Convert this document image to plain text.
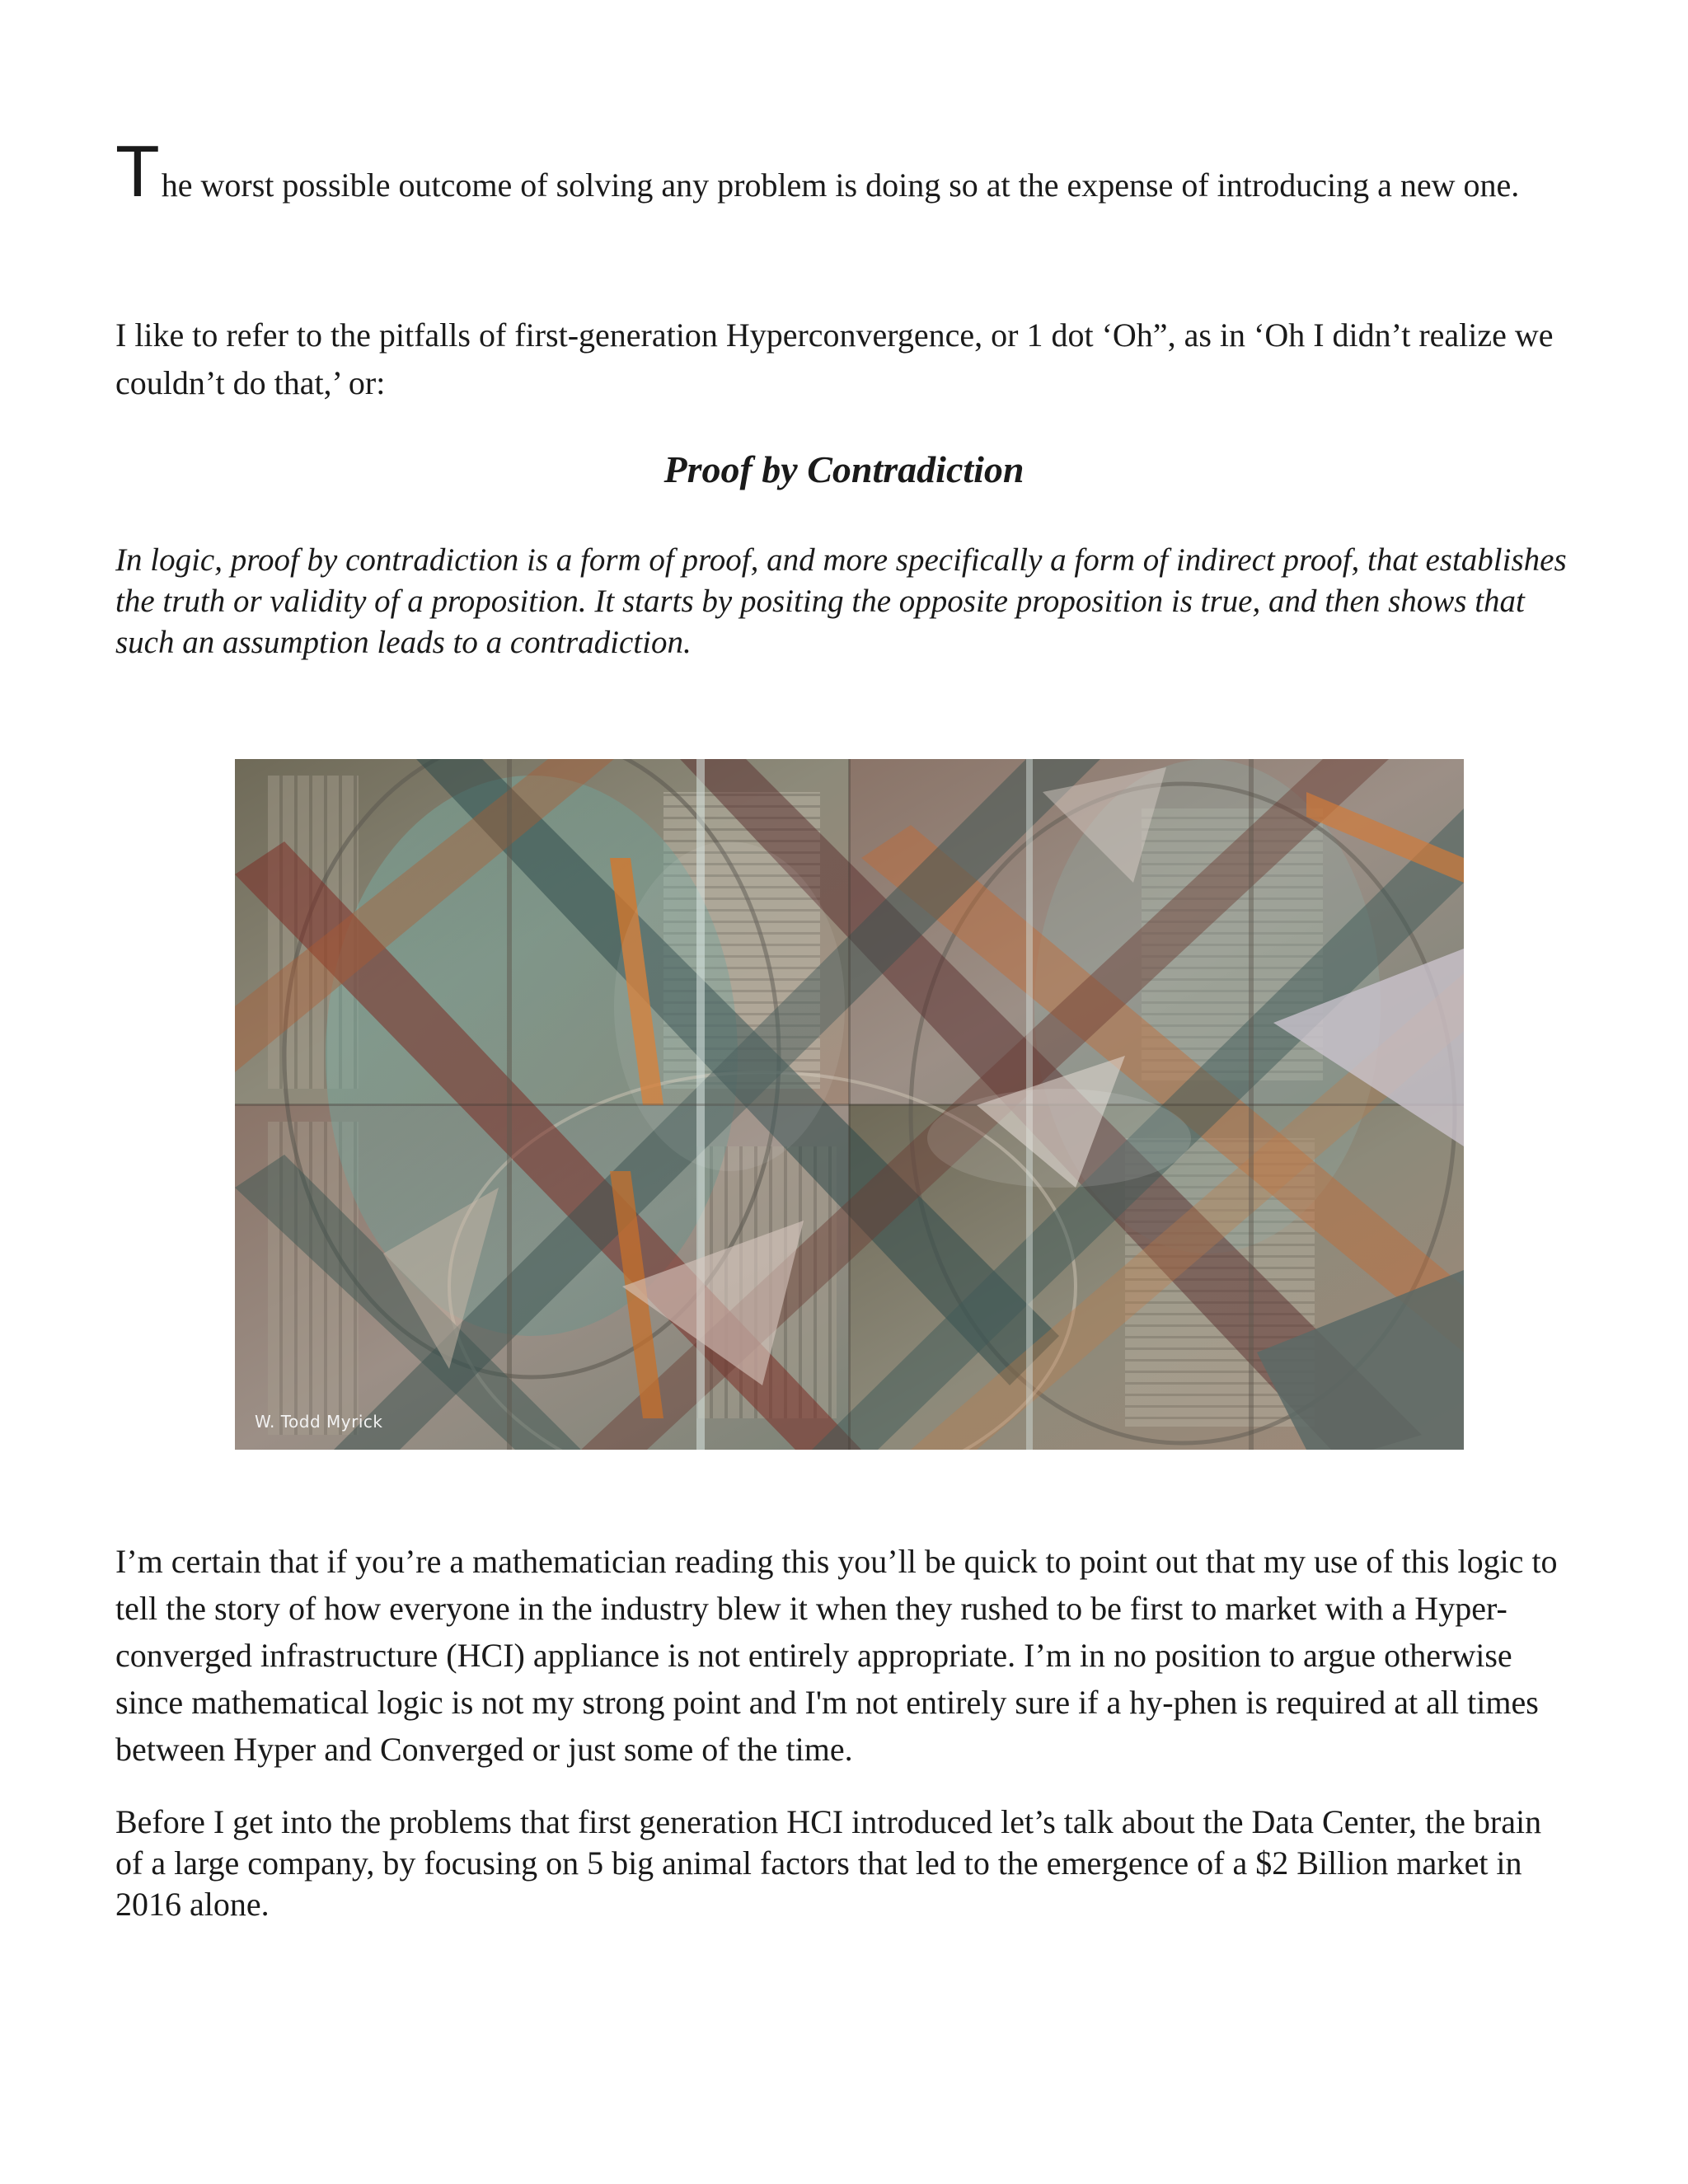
The worst possible outcome of solving any problem is doing so at the expense of introducing a new one.

I like to refer to the pitfalls of first-generation Hyperconvergence, or 1 dot ‘Oh”, as in ‘Oh I didn’t realize we couldn’t do that,’ or:

Proof by Contradiction

In logic, proof by contradiction is a form of proof, and more specifically a form of indirect proof, that establishes the truth or validity of a proposition. It starts by positing the opposite proposition is true, and then shows that such an assumption leads to a contradiction.

W. Todd Myrick

I’m certain that if you’re a mathematician reading this you’ll be quick to point out that my use of this logic to tell the story of how everyone in the industry blew it when they rushed to be first to market with a Hyper-converged infrastructure (HCI) appliance is not entirely appropriate. I’m in no position to argue otherwise since mathematical logic is not my strong point and I'm not entirely sure if a hy-phen is required at all times between Hyper and Converged or just some of the time.

Before I get into the problems that first generation HCI introduced let’s talk about the Data Center, the brain of a large company, by focusing on 5 big animal factors that led to the emergence of a $2 Billion market in 2016 alone.
